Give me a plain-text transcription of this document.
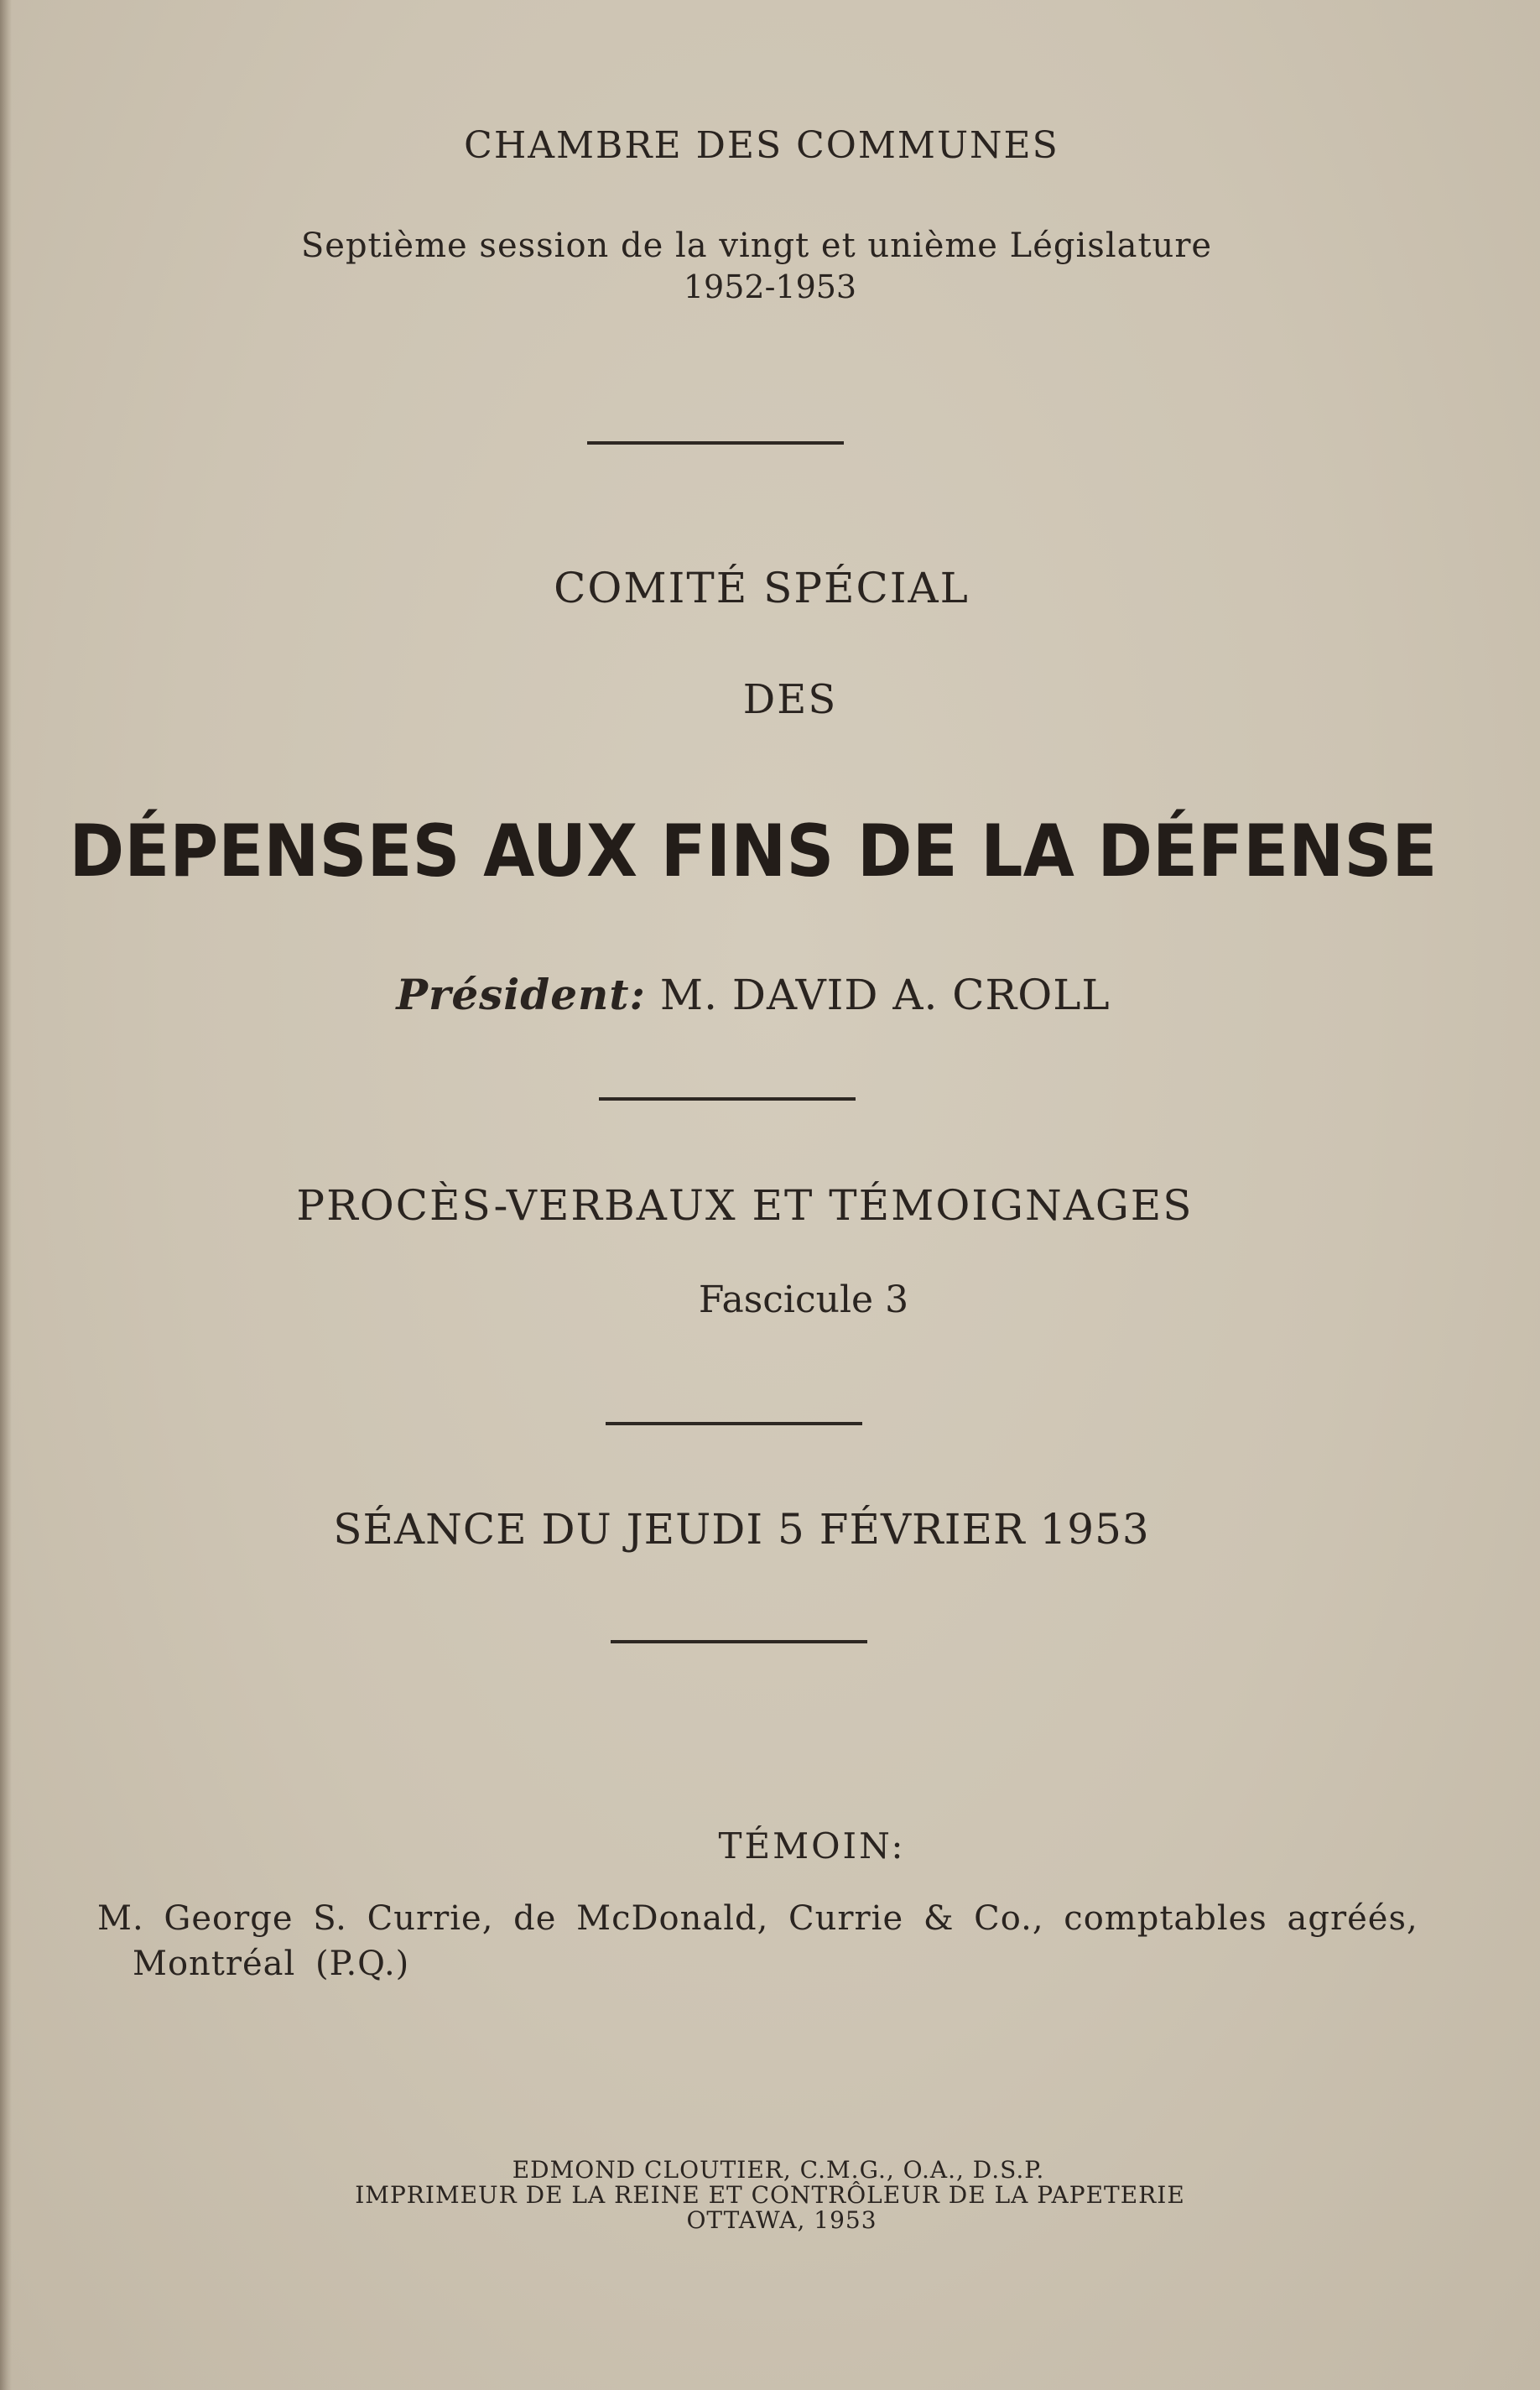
CHAMBRE DES COMMUNES
Septième session de la vingt et unième Législature
1952-1953
COMITÉ SPÉCIAL
DES
DÉPENSES AUX FINS DE LA DÉFENSE
Président: M. DAVID A. CROLL
PROCÈS-VERBAUX ET TÉMOIGNAGES
Fascicule 3
SÉANCE DU JEUDI 5 FÉVRIER 1953
TÉMOIN:
M. George S. Currie, de McDonald, Currie & Co., comptables agréés,
Montréal (P.Q.)
EDMOND CLOUTIER, C.M.G., O.A., D.S.P.
IMPRIMEUR DE LA REINE ET CONTRÔLEUR DE LA PAPETERIE
OTTAWA, 1953
